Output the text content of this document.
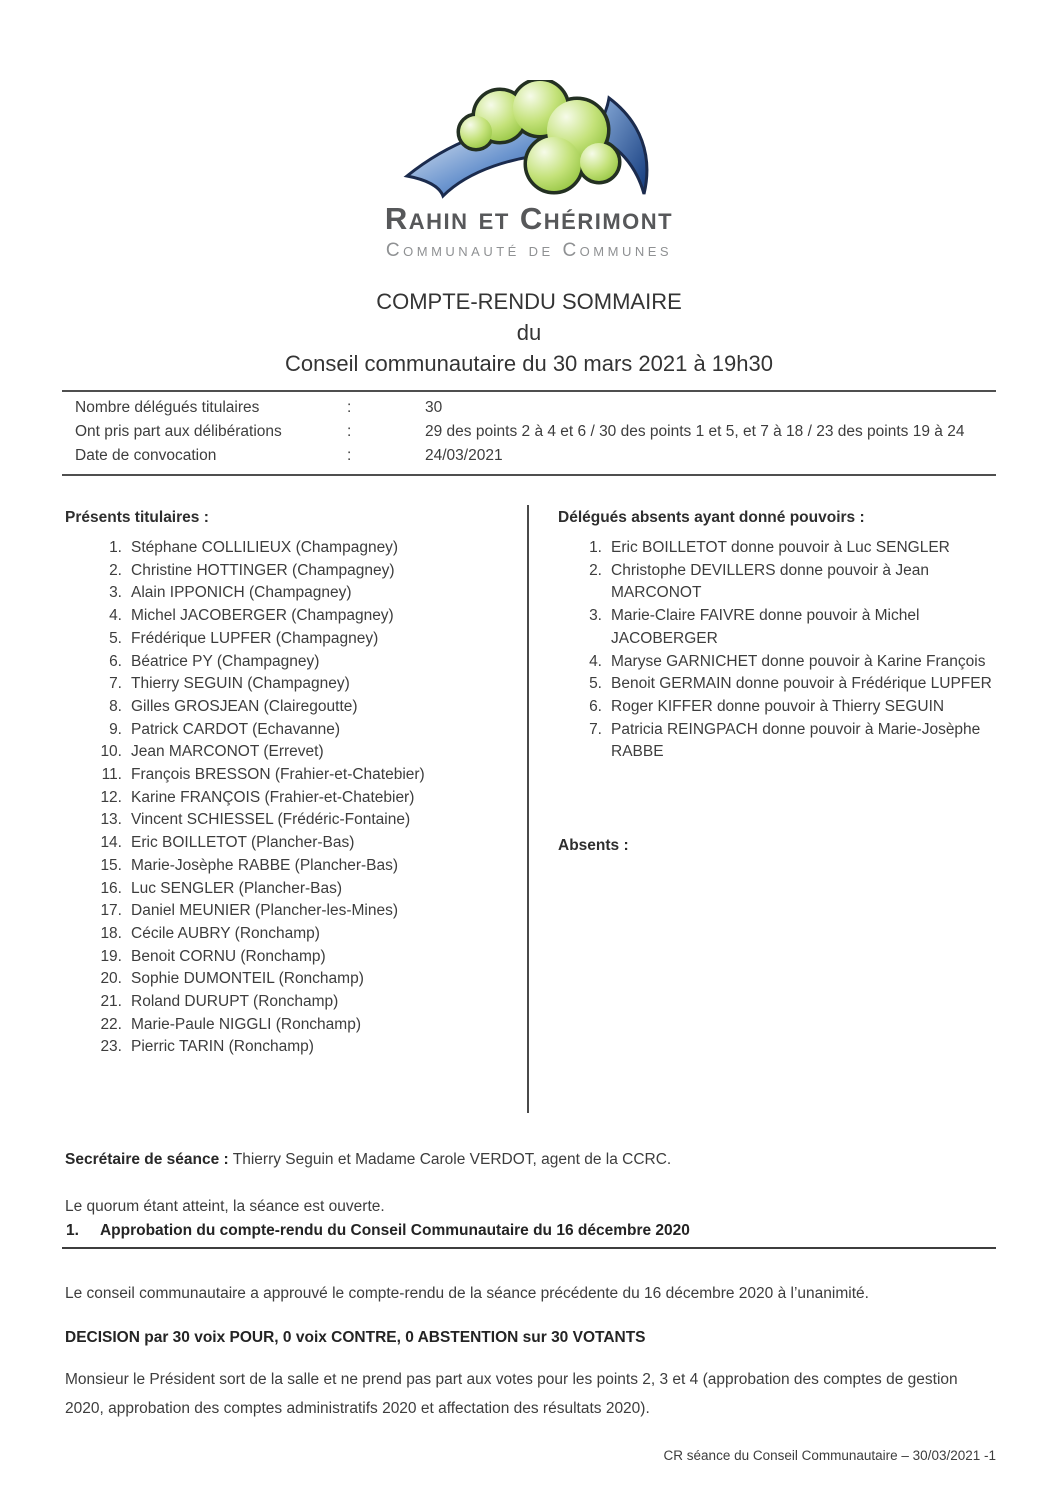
Rahin et Chérimont
Communauté de Communes
COMPTE-RENDU SOMMAIRE
du
Conseil communautaire du 30 mars 2021 à 19h30
Nombre délégués titulaires	:	30
Ont pris part aux délibérations	:	29 des points 2 à 4 et 6 / 30 des points 1 et 5, et 7 à 18 / 23 des points 19 à 24
Date de convocation	:	24/03/2021
Présents titulaires :
1. Stéphane COLLILIEUX (Champagney)
2. Christine HOTTINGER (Champagney)
3. Alain IPPONICH (Champagney)
4. Michel JACOBERGER (Champagney)
5. Frédérique LUPFER (Champagney)
6. Béatrice PY (Champagney)
7. Thierry SEGUIN (Champagney)
8. Gilles GROSJEAN (Clairegoutte)
9. Patrick CARDOT (Echavanne)
10. Jean MARCONOT (Errevet)
11. François BRESSON (Frahier-et-Chatebier)
12. Karine FRANÇOIS (Frahier-et-Chatebier)
13. Vincent SCHIESSEL (Frédéric-Fontaine)
14. Eric BOILLETOT (Plancher-Bas)
15. Marie-Josèphe RABBE (Plancher-Bas)
16. Luc SENGLER (Plancher-Bas)
17. Daniel MEUNIER (Plancher-les-Mines)
18. Cécile AUBRY (Ronchamp)
19. Benoit CORNU (Ronchamp)
20. Sophie DUMONTEIL (Ronchamp)
21. Roland DURUPT (Ronchamp)
22. Marie-Paule NIGGLI (Ronchamp)
23. Pierric TARIN (Ronchamp)
Délégués absents ayant donné pouvoirs :
1. Eric BOILLETOT donne pouvoir à Luc SENGLER
2. Christophe DEVILLERS donne pouvoir à Jean MARCONOT
3. Marie-Claire FAIVRE donne pouvoir à Michel JACOBERGER
4. Maryse GARNICHET donne pouvoir à Karine François
5. Benoit GERMAIN donne pouvoir à Frédérique LUPFER
6. Roger KIFFER donne pouvoir à Thierry SEGUIN
7. Patricia REINGPACH donne pouvoir à Marie-Josèphe RABBE
Absents :

Secrétaire de séance : Thierry Seguin et Madame Carole VERDOT, agent de la CCRC.

Le quorum étant atteint, la séance est ouverte.

1. Approbation du compte-rendu du Conseil Communautaire du 16 décembre 2020

Le conseil communautaire a approuvé le compte-rendu de la séance précédente du 16 décembre 2020 à l’unanimité.

DECISION par 30 voix POUR, 0 voix CONTRE, 0 ABSTENTION sur 30 VOTANTS

Monsieur le Président sort de la salle et ne prend pas part aux votes pour les points 2, 3 et 4 (approbation des comptes de gestion 2020, approbation des comptes administratifs 2020 et affectation des résultats 2020).

CR séance du Conseil Communautaire – 30/03/2021 -1
